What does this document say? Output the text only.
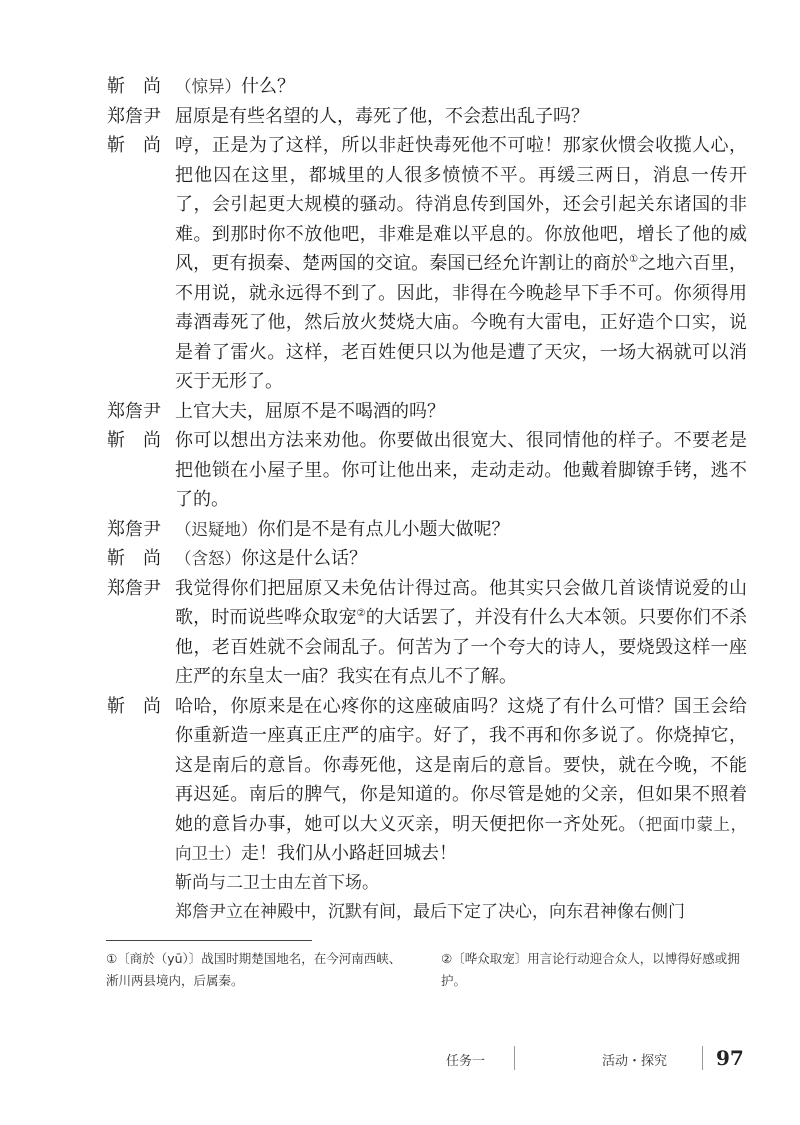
靳　尚 （惊异）什么？
郑詹尹 屈原是有些名望的人，毒死了他，不会惹出乱子吗？
靳　尚 哼，正是为了这样，所以非赶快毒死他不可啦！那家伙惯会收揽人心，把他囚在这里，都城里的人很多愤愤不平。再缓三两日，消息一传开了，会引起更大规模的骚动。待消息传到国外，还会引起关东诸国的非难。到那时你不放他吧，非难是难以平息的。你放他吧，增长了他的威风，更有损秦、楚两国的交谊。秦国已经允许割让的商於①之地六百里，不用说，就永远得不到了。因此，非得在今晚趁早下手不可。你须得用毒酒毒死了他，然后放火焚烧大庙。今晚有大雷电，正好造个口实，说是着了雷火。这样，老百姓便只以为他是遭了天灾，一场大祸就可以消灭于无形了。
郑詹尹 上官大夫，屈原不是不喝酒的吗？
靳　尚 你可以想出方法来劝他。你要做出很宽大、很同情他的样子。不要老是把他锁在小屋子里。你可让他出来，走动走动。他戴着脚镣手铐，逃不了的。
郑詹尹 （迟疑地）你们是不是有点儿小题大做呢？
靳　尚 （含怒）你这是什么话？
郑詹尹 我觉得你们把屈原又未免估计得过高。他其实只会做几首谈情说爱的山歌，时而说些哗众取宠②的大话罢了，并没有什么大本领。只要你们不杀他，老百姓就不会闹乱子。何苦为了一个夸大的诗人，要烧毁这样一座庄严的东皇太一庙？我实在有点儿不了解。
靳　尚 哈哈，你原来是在心疼你的这座破庙吗？这烧了有什么可惜？国王会给你重新造一座真正庄严的庙宇。好了，我不再和你多说了。你烧掉它，这是南后的意旨。你毒死他，这是南后的意旨。要快，就在今晚，不能再迟延。南后的脾气，你是知道的。你尽管是她的父亲，但如果不照着她的意旨办事，她可以大义灭亲，明天便把你一齐处死。（把面巾蒙上，向卫士）走！我们从小路赶回城去！
靳尚与二卫士由左首下场。
郑詹尹立在神殿中，沉默有间，最后下定了决心，向东君神像右侧门
①〔商於（yū）〕战国时期楚国地名，在今河南西峡、淅川两县境内，后属秦。
②〔哗众取宠〕用言论行动迎合众人，以博得好感或拥护。
任务一	活动・探究 97
